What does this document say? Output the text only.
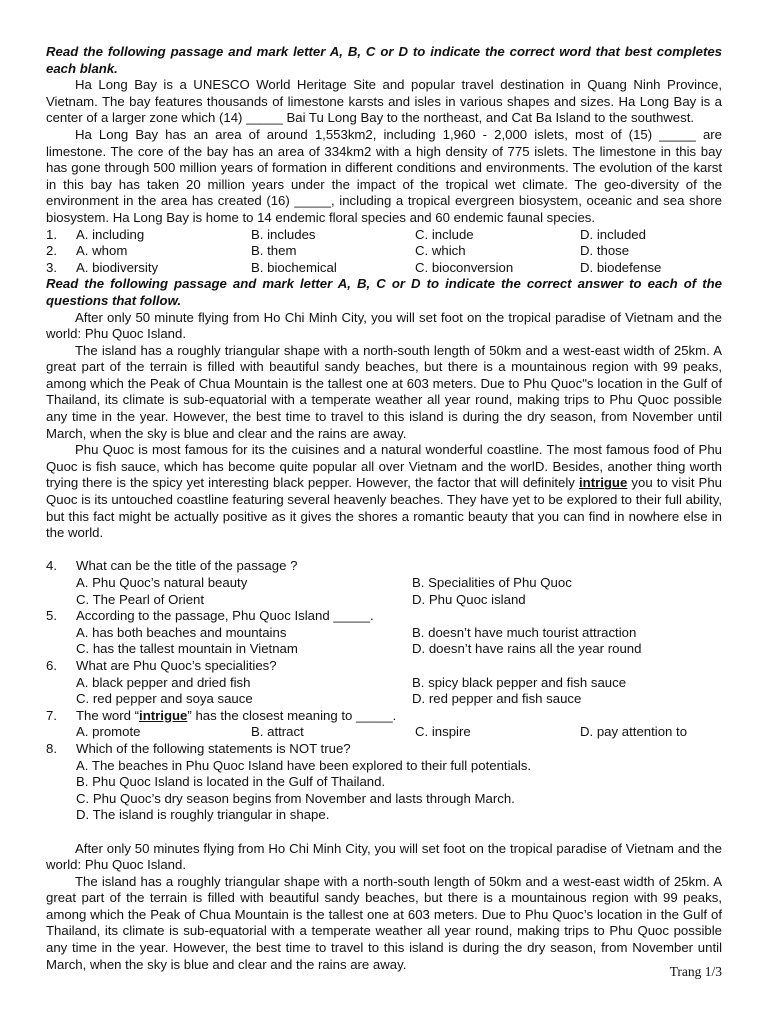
Read the following passage and mark letter A, B, C or D to indicate the correct word that best completes each blank.

Ha Long Bay is a UNESCO World Heritage Site and popular travel destination in Quang Ninh Province, Vietnam. The bay features thousands of limestone karsts and isles in various shapes and sizes. Ha Long Bay is a center of a larger zone which (14) _____ Bai Tu Long Bay to the northeast, and Cat Ba Island to the southwest.

Ha Long Bay has an area of around 1,553km2, including 1,960 - 2,000 islets, most of (15) _____ are limestone. The core of the bay has an area of 334km2 with a high density of 775 islets. The limestone in this bay has gone through 500 million years of formation in different conditions and environments. The evolution of the karst in this bay has taken 20 million years under the impact of the tropical wet climate. The geo-diversity of the environment in the area has created (16) _____, including a tropical evergreen biosystem, oceanic and sea shore biosystem. Ha Long Bay is home to 14 endemic floral species and 60 endemic faunal species.

1.	A. including	B. includes	C. include	D. included
2.	A. whom	B. them	C. which	D. those
3.	A. biodiversity	B. biochemical	C. bioconversion	D. biodefense
Read the following passage and mark letter A, B, C or D to indicate the correct answer to each of the questions that follow.

After only 50 minute flying from Ho Chi Minh City, you will set foot on the tropical paradise of Vietnam and the world: Phu Quoc Island.

The island has a roughly triangular shape with a north-south length of 50km and a west-east width of 25km. A great part of the terrain is filled with beautiful sandy beaches, but there is a mountainous region with 99 peaks, among which the Peak of Chua Mountain is the tallest one at 603 meters. Due to Phu Quoc"s location in the Gulf of Thailand, its climate is sub-equatorial with a temperate weather all year round, making trips to Phu Quoc possible any time in the year. However, the best time to travel to this island is during the dry season, from November until March, when the sky is blue and clear and the rains are away.

Phu Quoc is most famous for its the cuisines and a natural wonderful coastline. The most famous food of Phu Quoc is fish sauce, which has become quite popular all over Vietnam and the worlD. Besides, another thing worth trying there is the spicy yet interesting black pepper. However, the factor that will definitely intrigue you to visit Phu Quoc is its untouched coastline featuring several heavenly beaches. They have yet to be explored to their full ability, but this fact might be actually positive as it gives the shores a romantic beauty that you can find in nowhere else in the world.

4.	What can be the title of the passage ?
A. Phu Quoc’s natural beauty	B. Specialities of Phu Quoc
C. The Pearl of Orient	D. Phu Quoc island
5.	According to the passage, Phu Quoc Island _____.
A. has both beaches and mountains	B. doesn’t have much tourist attraction
C. has the tallest mountain in Vietnam	D. doesn’t have rains all the year round
6.	What are Phu Quoc’s specialities?
A. black pepper and dried fish	B. spicy black pepper and fish sauce
C. red pepper and soya sauce	D. red pepper and fish sauce
7.	The word “intrigue” has the closest meaning to _____.
A. promote	B. attract	C. inspire	D. pay attention to
8.	Which of the following statements is NOT true?
A. The beaches in Phu Quoc Island have been explored to their full potentials.
B. Phu Quoc Island is located in the Gulf of Thailand.
C. Phu Quoc’s dry season begins from November and lasts through March.
D. The island is roughly triangular in shape.

After only 50 minutes flying from Ho Chi Minh City, you will set foot on the tropical paradise of Vietnam and the world: Phu Quoc Island.

The island has a roughly triangular shape with a north-south length of 50km and a west-east width of 25km. A great part of the terrain is filled with beautiful sandy beaches, but there is a mountainous region with 99 peaks, among which the Peak of Chua Mountain is the tallest one at 603 meters. Due to Phu Quoc’s location in the Gulf of Thailand, its climate is sub-equatorial with a temperate weather all year round, making trips to Phu Quoc possible any time in the year. However, the best time to travel to this island is during the dry season, from November until March, when the sky is blue and clear and the rains are away.	Trang 1/3
